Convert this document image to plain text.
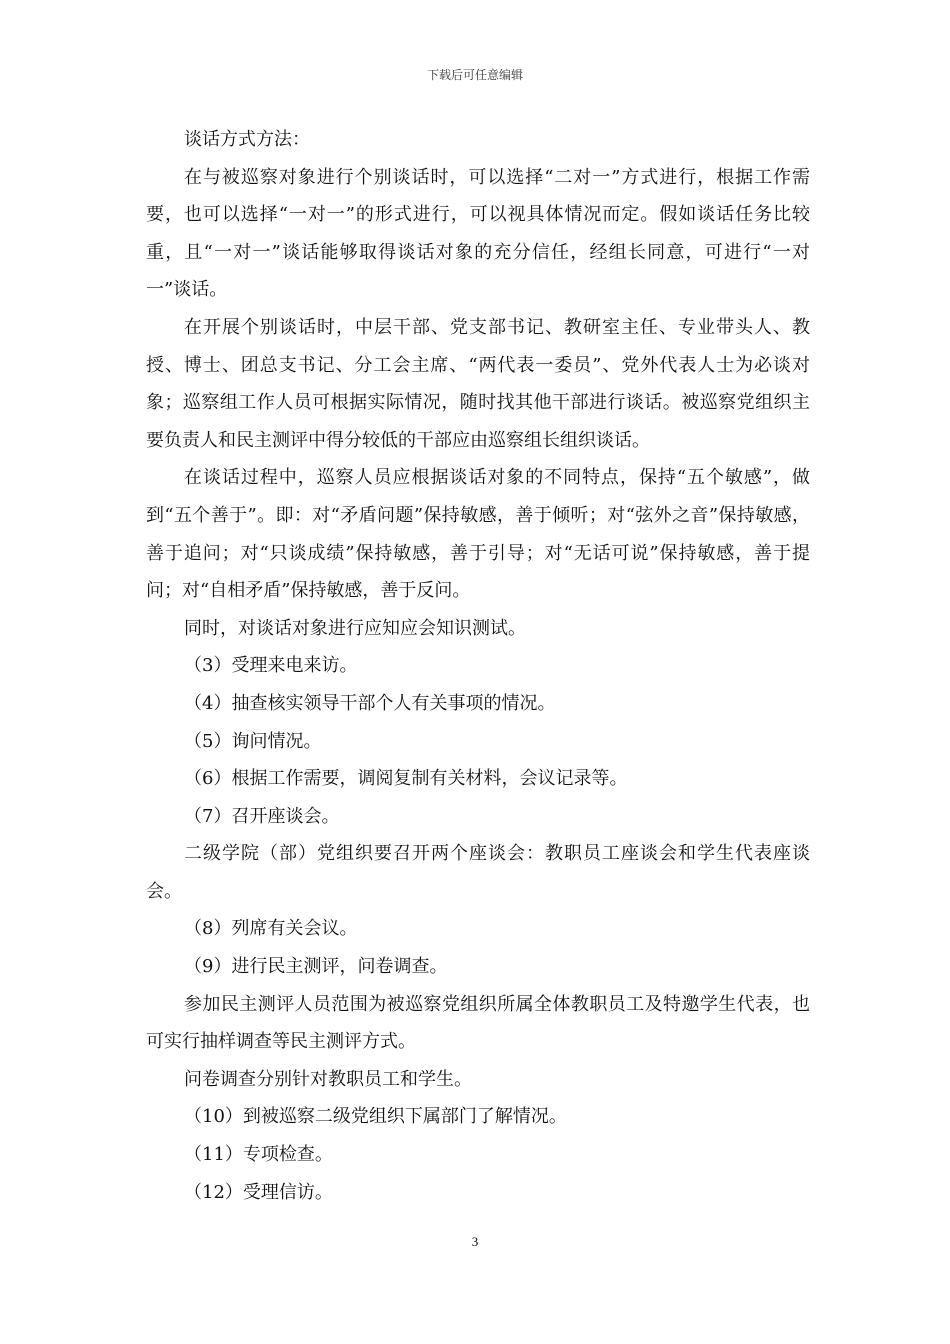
下载后可任意编辑

谈话方式方法：

在与被巡察对象进行个别谈话时，可以选择“二对一”方式进行，根据工作需要，也可以选择“一对一”的形式进行，可以视具体情况而定。假如谈话任务比较重，且“一对一”谈话能够取得谈话对象的充分信任，经组长同意，可进行“一对一”谈话。

在开展个别谈话时，中层干部、党支部书记、教研室主任、专业带头人、教授、博士、团总支书记、分工会主席、“两代表一委员”、党外代表人士为必谈对象；巡察组工作人员可根据实际情况，随时找其他干部进行谈话。被巡察党组织主要负责人和民主测评中得分较低的干部应由巡察组长组织谈话。

在谈话过程中，巡察人员应根据谈话对象的不同特点，保持“五个敏感”，做到“五个善于”。即：对“矛盾问题”保持敏感，善于倾听；对“弦外之音”保持敏感，善于追问；对“只谈成绩”保持敏感，善于引导；对“无话可说”保持敏感，善于提问；对“自相矛盾”保持敏感，善于反问。

同时，对谈话对象进行应知应会知识测试。

（3）受理来电来访。

（4）抽查核实领导干部个人有关事项的情况。

（5）询问情况。

（6）根据工作需要，调阅复制有关材料，会议记录等。

（7）召开座谈会。

二级学院（部）党组织要召开两个座谈会：教职员工座谈会和学生代表座谈会。

（8）列席有关会议。

（9）进行民主测评，问卷调查。

参加民主测评人员范围为被巡察党组织所属全体教职员工及特邀学生代表，也可实行抽样调查等民主测评方式。

问卷调查分别针对教职员工和学生。

（10）到被巡察二级党组织下属部门了解情况。

（11）专项检查。

（12）受理信访。

3
